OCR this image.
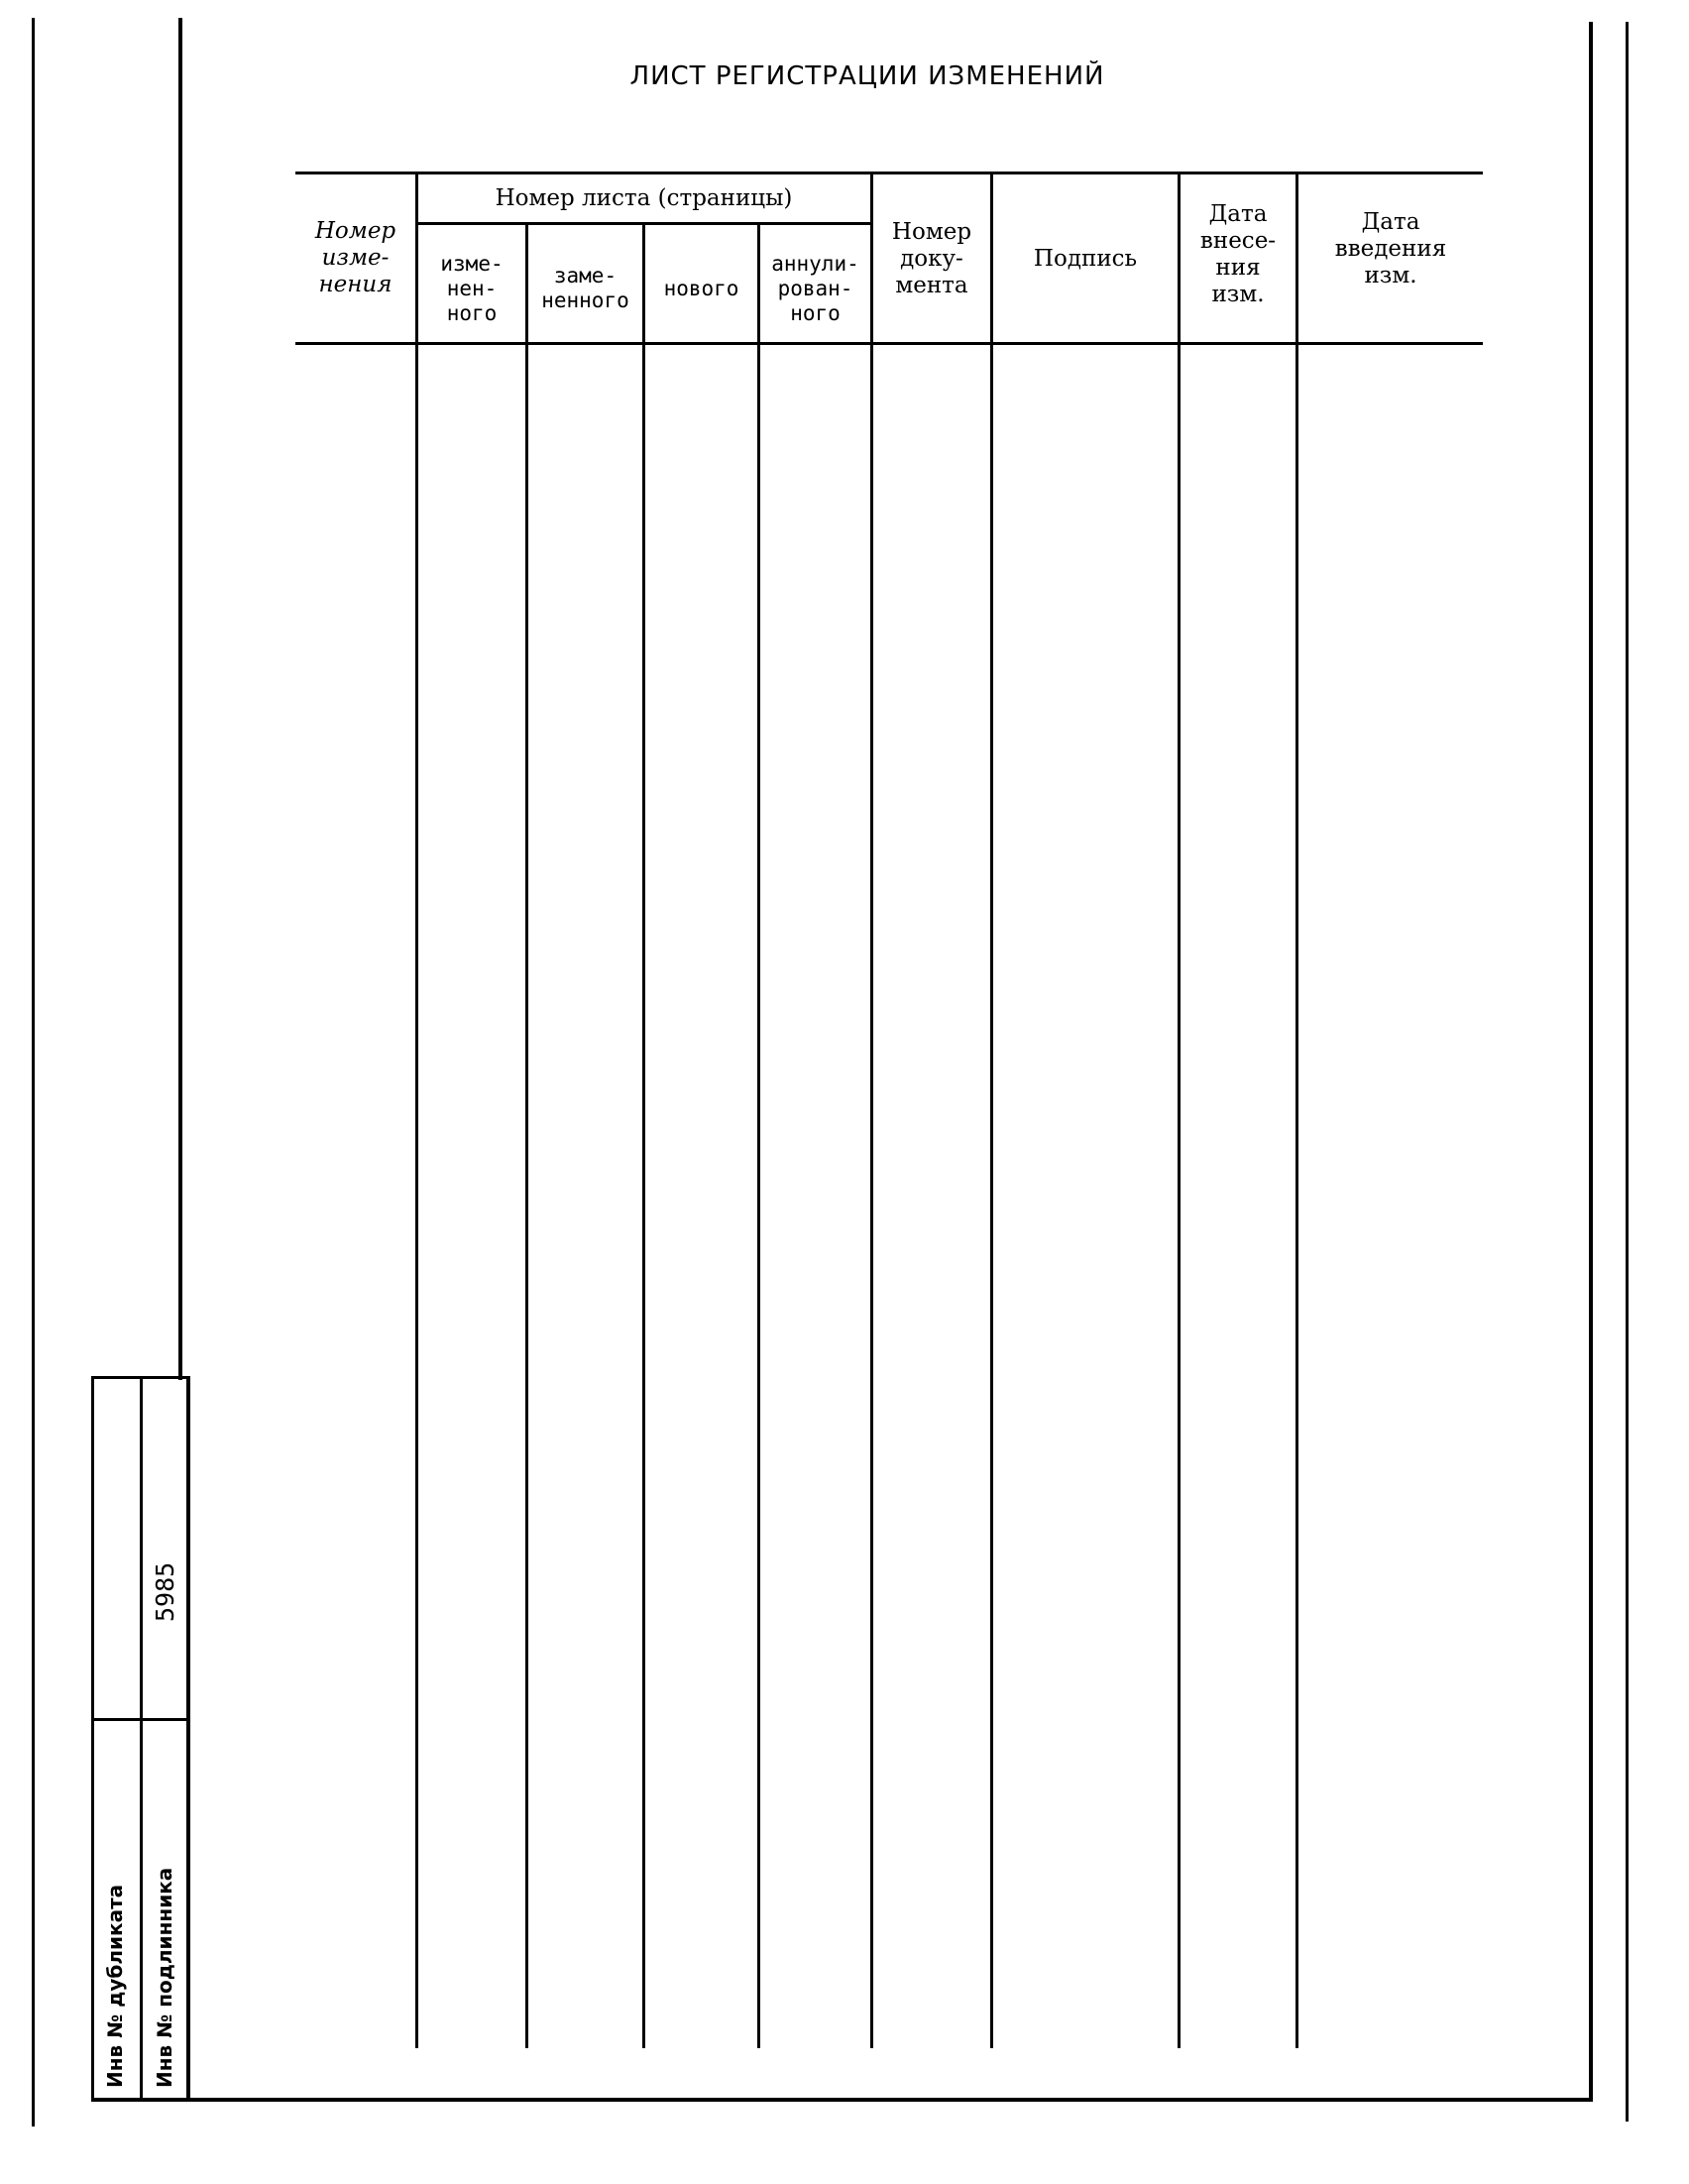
ЛИСТ РЕГИСТРАЦИИ ИЗМЕНЕНИЙ
Номер листа (страницы)
Номер
изме-
нения
изме-
нен-
ного
заме-
ненного
нового
аннули-
рован-
ного
Номер
доку-
мента
Подпись
Дата
внесе-
ния
изм.
Дата
введения
изм.
Инв № дубликата Инв № подлинника
5985
